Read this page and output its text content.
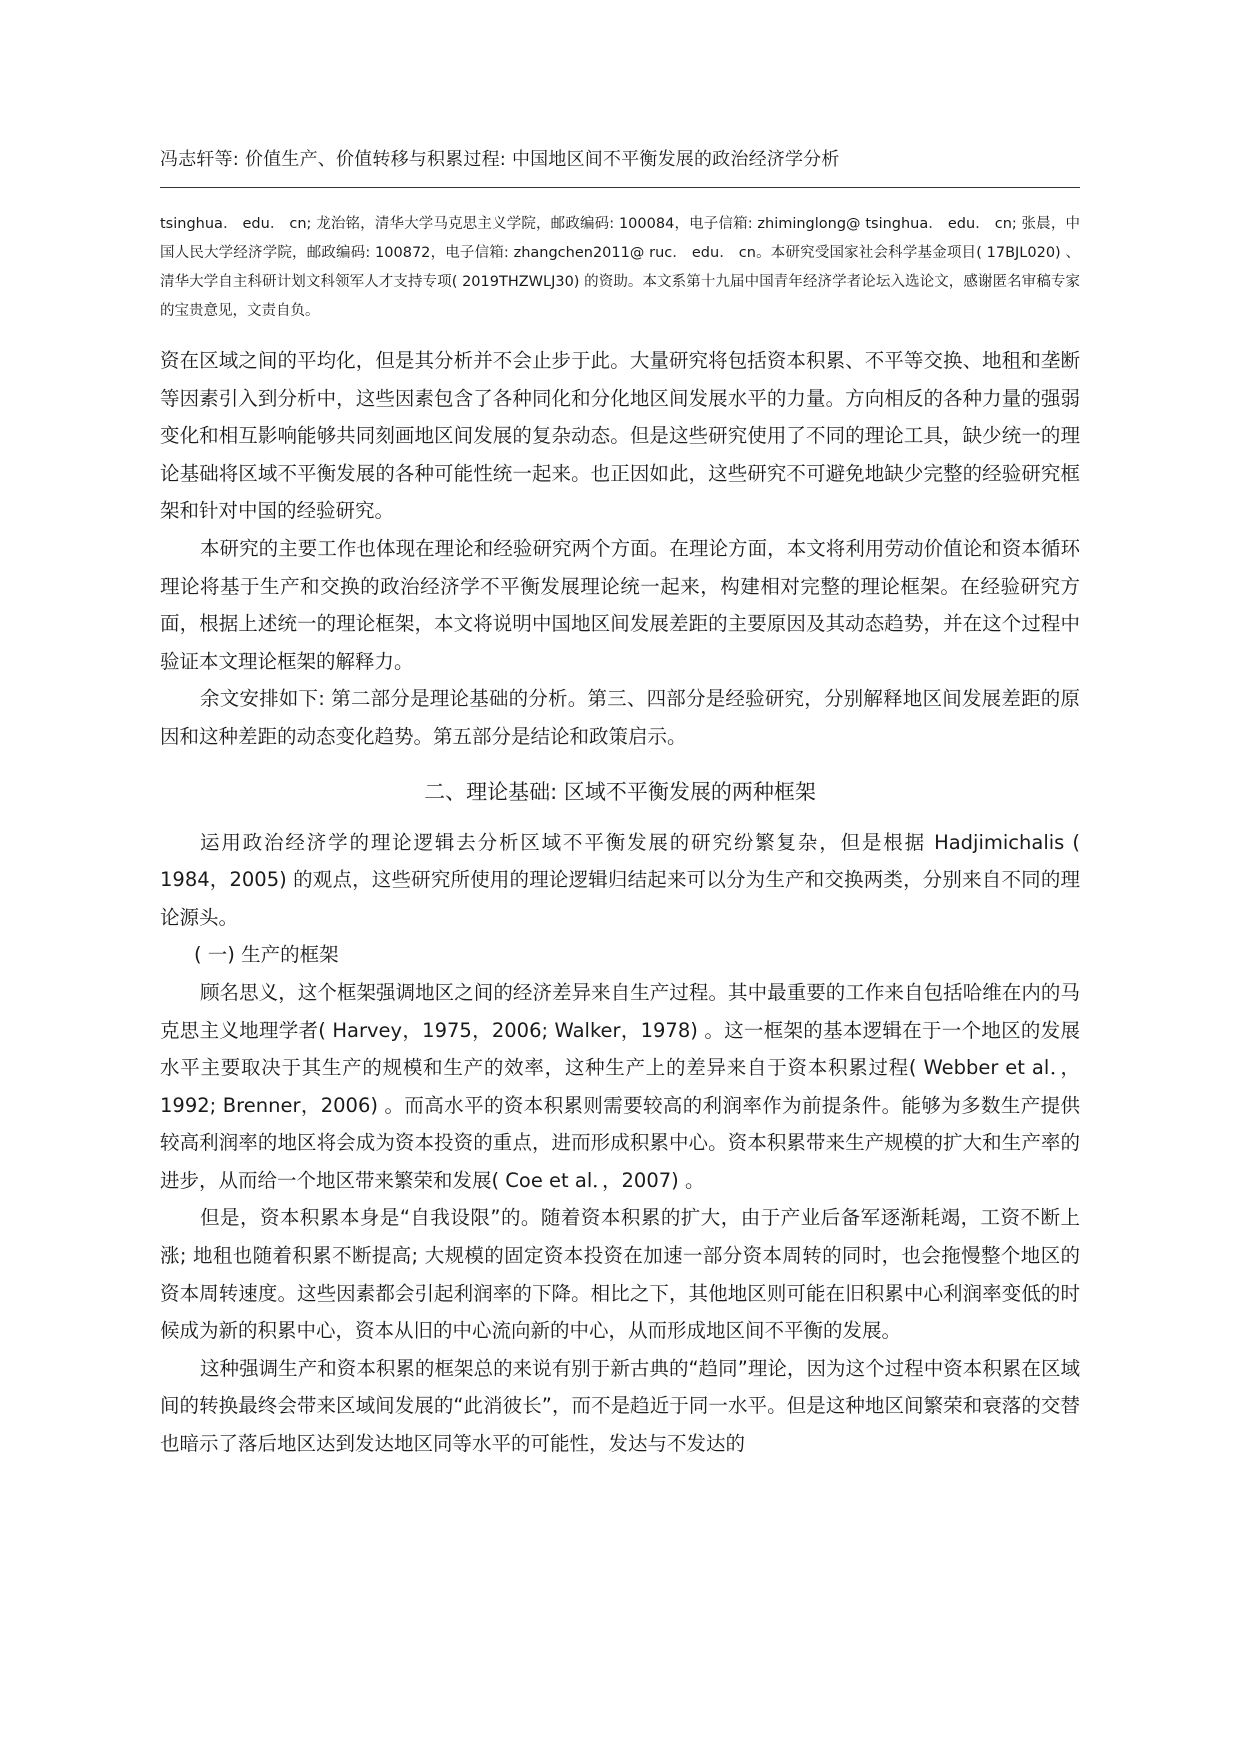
冯志轩等: 价值生产、价值转移与积累过程: 中国地区间不平衡发展的政治经济学分析

tsinghua． edu． cn; 龙治铭，清华大学马克思主义学院，邮政编码: 100084，电子信箱: zhiminglong@ tsinghua． edu． cn; 张晨，中国人民大学经济学院，邮政编码: 100872，电子信箱: zhangchen2011@ ruc． edu． cn。本研究受国家社会科学基金项目( 17BJL020) 、清华大学自主科研计划文科领军人才支持专项( 2019THZWLJ30) 的资助。本文系第十九届中国青年经济学者论坛入选论文，感谢匿名审稿专家的宝贵意见，文责自负。

资在区域之间的平均化，但是其分析并不会止步于此。大量研究将包括资本积累、不平等交换、地租和垄断等因素引入到分析中，这些因素包含了各种同化和分化地区间发展水平的力量。方向相反的各种力量的强弱变化和相互影响能够共同刻画地区间发展的复杂动态。但是这些研究使用了不同的理论工具，缺少统一的理论基础将区域不平衡发展的各种可能性统一起来。也正因如此，这些研究不可避免地缺少完整的经验研究框架和针对中国的经验研究。

本研究的主要工作也体现在理论和经验研究两个方面。在理论方面，本文将利用劳动价值论和资本循环理论将基于生产和交换的政治经济学不平衡发展理论统一起来，构建相对完整的理论框架。在经验研究方面，根据上述统一的理论框架，本文将说明中国地区间发展差距的主要原因及其动态趋势，并在这个过程中验证本文理论框架的解释力。

余文安排如下: 第二部分是理论基础的分析。第三、四部分是经验研究，分别解释地区间发展差距的原因和这种差距的动态变化趋势。第五部分是结论和政策启示。

二、理论基础: 区域不平衡发展的两种框架

运用政治经济学的理论逻辑去分析区域不平衡发展的研究纷繁复杂，但是根据 Hadjimichalis ( 1984，2005) 的观点，这些研究所使用的理论逻辑归结起来可以分为生产和交换两类，分别来自不同的理论源头。

( 一) 生产的框架

顾名思义，这个框架强调地区之间的经济差异来自生产过程。其中最重要的工作来自包括哈维在内的马克思主义地理学者( Harvey，1975，2006; Walker，1978) 。这一框架的基本逻辑在于一个地区的发展水平主要取决于其生产的规模和生产的效率，这种生产上的差异来自于资本积累过程( Webber et al．，1992; Brenner，2006) 。而高水平的资本积累则需要较高的利润率作为前提条件。能够为多数生产提供较高利润率的地区将会成为资本投资的重点，进而形成积累中心。资本积累带来生产规模的扩大和生产率的进步，从而给一个地区带来繁荣和发展( Coe et al．，2007) 。

但是，资本积累本身是“自我设限”的。随着资本积累的扩大，由于产业后备军逐渐耗竭，工资不断上涨; 地租也随着积累不断提高; 大规模的固定资本投资在加速一部分资本周转的同时，也会拖慢整个地区的资本周转速度。这些因素都会引起利润率的下降。相比之下，其他地区则可能在旧积累中心利润率变低的时候成为新的积累中心，资本从旧的中心流向新的中心，从而形成地区间不平衡的发展。

这种强调生产和资本积累的框架总的来说有别于新古典的“趋同”理论，因为这个过程中资本积累在区域间的转换最终会带来区域间发展的“此消彼长”，而不是趋近于同一水平。但是这种地区间繁荣和衰落的交替也暗示了落后地区达到发达地区同等水平的可能性，发达与不发达的
